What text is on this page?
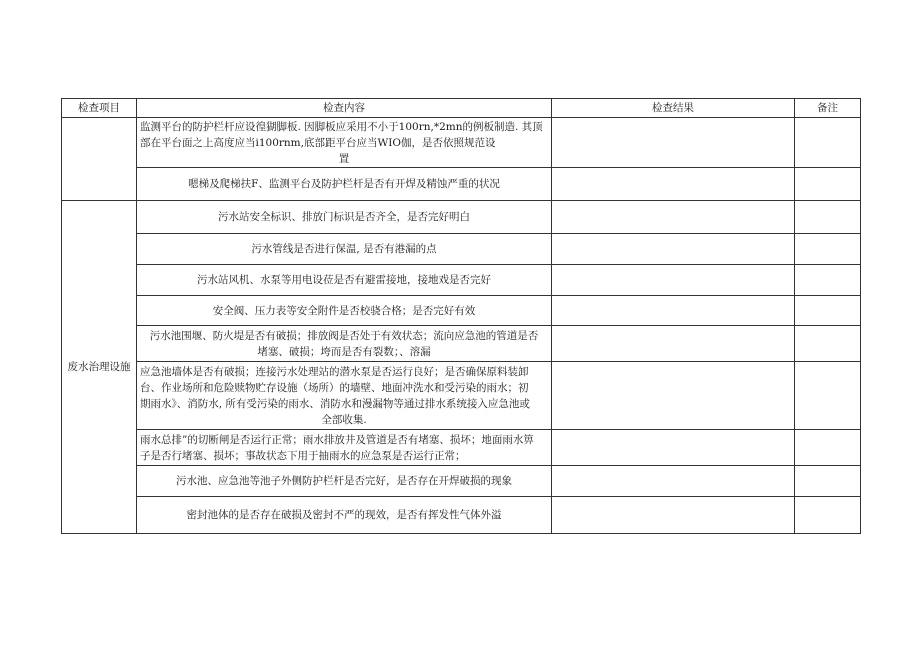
检查项目	检查内容	检查结果	备注

	监测平台的防护栏杆应设徨猢脚板. 因脚板应采用不小于100rn,*2mn的例板制造. 其顶
部在平台面之上高度应当i100rnm,底部距平台应当WIO伽，是否依照规范设
置		

	嗯梯及爬梯扶F、监测平台及防护栏杆是否有开焊及精蚀严重的状况		

废水治理设施	污水站安全标识、排放门标识是否齐全，是否完好明白		

	污水管线是否进行保温, 是否有港漏的点		

	污水站风机、水泵等用电设莅是否有避雷接地，接地戏是否完好		

	安全阀、压力表等安全附件是否校骁合格；是否完好有效		

	污水池围堰、防火堤是否有破损；排放阀是否处于有效状态；流向应急池的管道是否
堵塞、破损；垮而是否有裂数；、溶漏		

	应急池墙体是否有破损；连接污水处理站的潜水泵是否运行良好；是否确保原料装卸
台、作业场所和危险赎物贮存设施（场所）的墙壁、地面冲洗水和受污染的雨水；初
期雨水》、消防水, 所有受污染的雨水、消防水和漫漏物等通过排水系统接入应急池或
全部收集.		

	雨水总排”的切断闸是否运行正常；雨水排放井及管道是否有堵塞、损坏；地面雨水箅
子是否行堵塞、损坏；事故状态下用于抽雨水的应急泵是否运行正常；		

	污水池、应急池等池子外侧防护栏杆是否完好，是否存在开焊破损的现象		

	密封池体的是否存在破损及密封不严的现效，是否有挥发性气体外溢		
